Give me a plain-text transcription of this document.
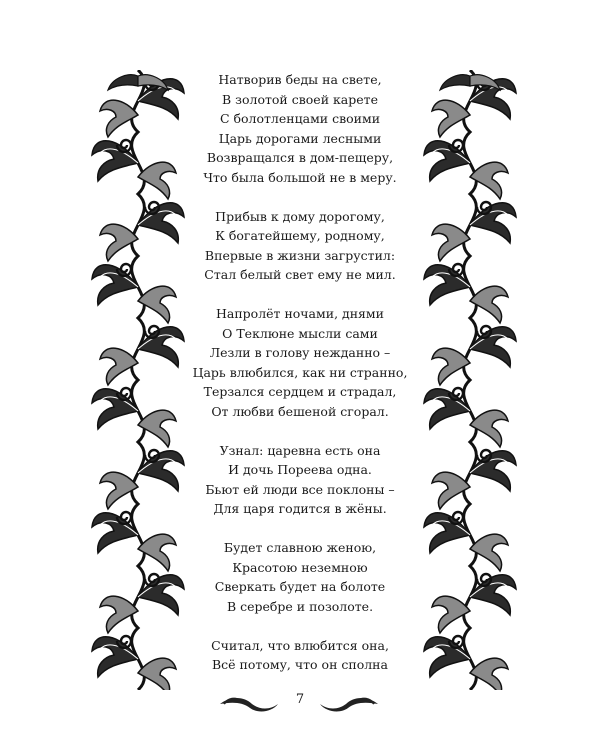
Натворив беды на свете,
В золотой своей карете
С болотленцами своими
Царь дорогами лесными
Возвращался в дом-пещеру,
Что была большой не в меру.
Прибыв к дому дорогому,
К богатейшему, родному,
Впервые в жизни загрустил:
Стал белый свет ему не мил.
Напролёт ночами, днями
О Теклюне мысли сами
Лезли в голову нежданно –
Царь влюбился, как ни странно,
Терзался сердцем и страдал,
От любви бешеной сгорал.
Узнал: царевна есть она
И дочь Пореева одна.
Бьют ей люди все поклоны –
Для царя годится в жёны.
Будет славною женою,
Красотою неземною
Сверкать будет на болоте
В серебре и позолоте.
Считал, что влюбится она,
Всё потому, что он сполна
7
